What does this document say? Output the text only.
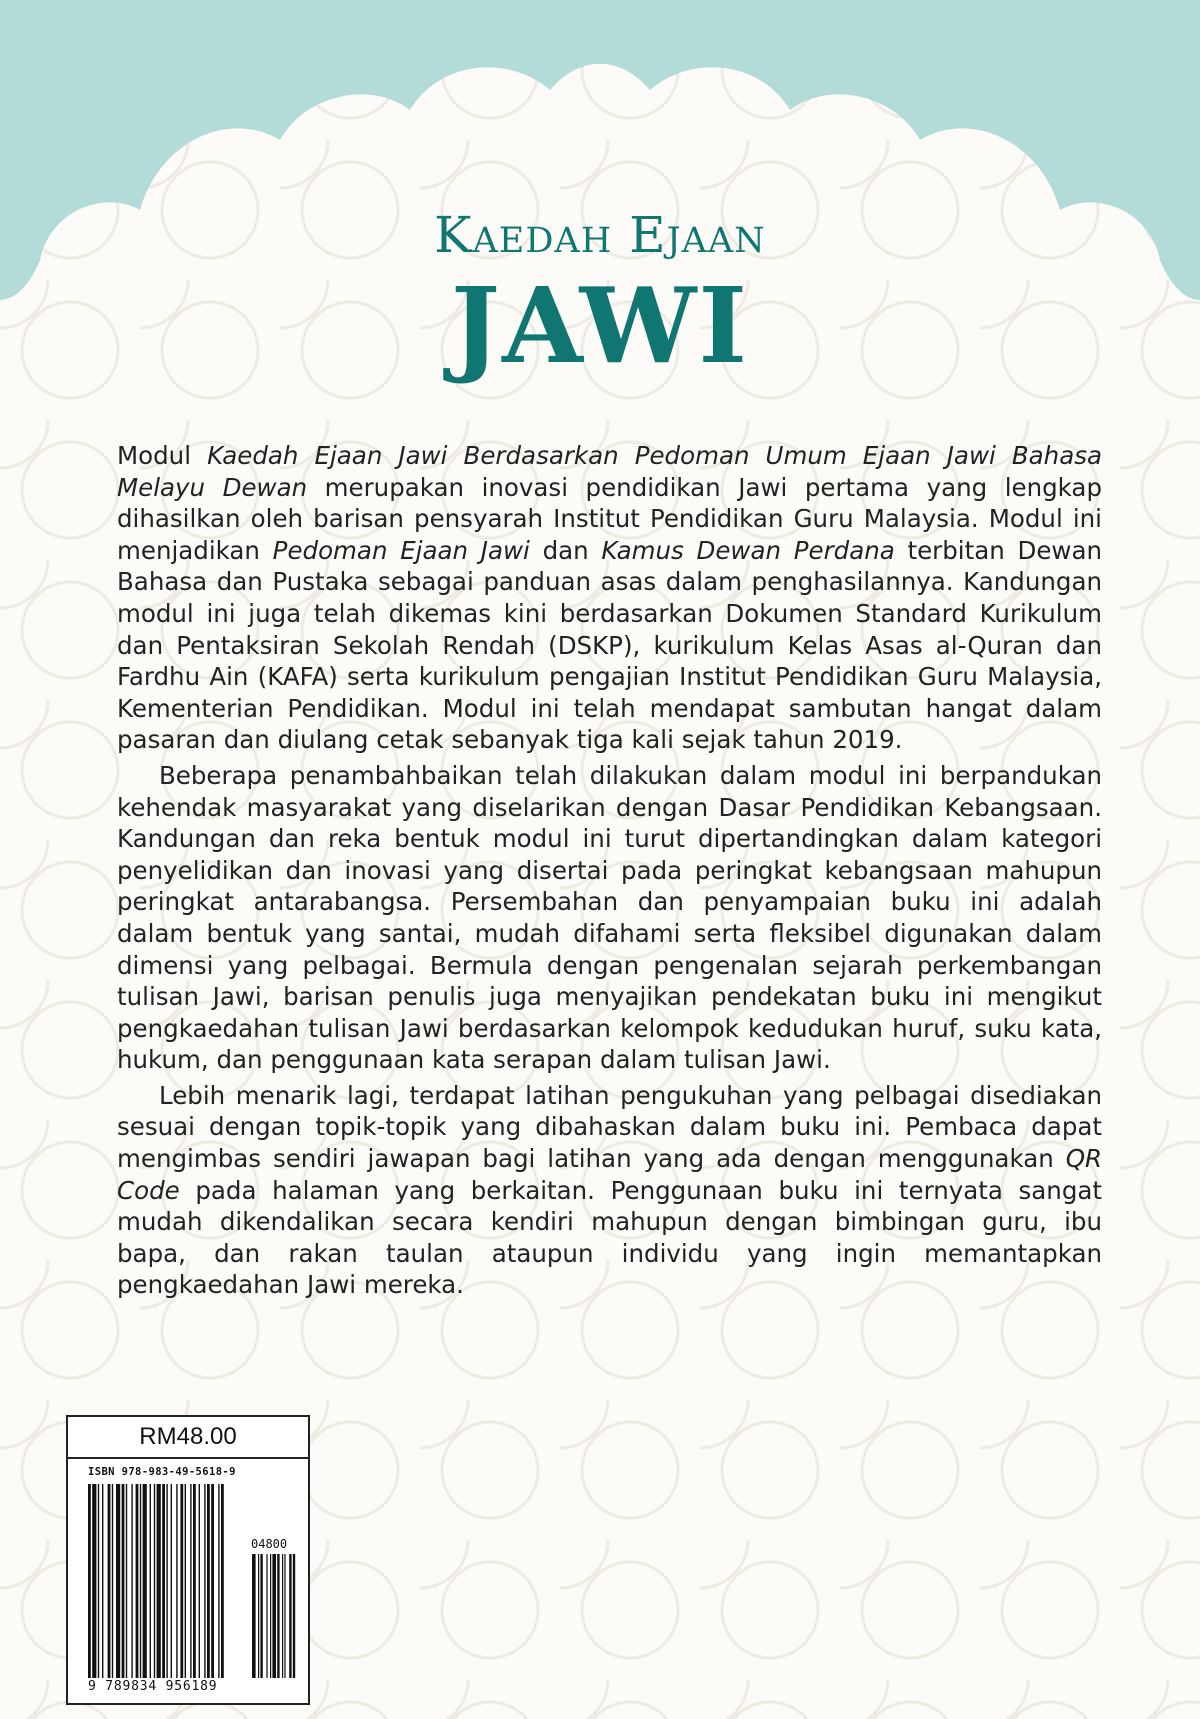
Kaedah Ejaan
JAWI

Modul Kaedah Ejaan Jawi Berdasarkan Pedoman Umum Ejaan Jawi Bahasa Melayu Dewan merupakan inovasi pendidikan Jawi pertama yang lengkap dihasilkan oleh barisan pensyarah Institut Pendidikan Guru Malaysia. Modul ini menjadikan Pedoman Ejaan Jawi dan Kamus Dewan Perdana terbitan Dewan Bahasa dan Pustaka sebagai panduan asas dalam penghasilannya. Kandungan modul ini juga telah dikemas kini berdasarkan Dokumen Standard Kurikulum dan Pentaksiran Sekolah Rendah (DSKP), kurikulum Kelas Asas al-Quran dan Fardhu Ain (KAFA) serta kurikulum pengajian Institut Pendidikan Guru Malaysia, Kementerian Pendidikan. Modul ini telah mendapat sambutan hangat dalam pasaran dan diulang cetak sebanyak tiga kali sejak tahun 2019.

Beberapa penambahbaikan telah dilakukan dalam modul ini berpandukan kehendak masyarakat yang diselarikan dengan Dasar Pendidikan Kebangsaan. Kandungan dan reka bentuk modul ini turut dipertandingkan dalam kategori penyelidikan dan inovasi yang disertai pada peringkat kebangsaan mahupun peringkat antarabangsa. Persembahan dan penyampaian buku ini adalah dalam bentuk yang santai, mudah difahami serta fleksibel digunakan dalam dimensi yang pelbagai. Bermula dengan pengenalan sejarah perkembangan tulisan Jawi, barisan penulis juga menyajikan pendekatan buku ini mengikut pengkaedahan tulisan Jawi berdasarkan kelompok kedudukan huruf, suku kata, hukum, dan penggunaan kata serapan dalam tulisan Jawi.

Lebih menarik lagi, terdapat latihan pengukuhan yang pelbagai disediakan sesuai dengan topik-topik yang dibahaskan dalam buku ini. Pembaca dapat mengimbas sendiri jawapan bagi latihan yang ada dengan menggunakan QR Code pada halaman yang berkaitan. Penggunaan buku ini ternyata sangat mudah dikendalikan secara kendiri mahupun dengan bimbingan guru, ibu bapa, dan rakan taulan ataupun individu yang ingin memantapkan pengkaedahan Jawi mereka.

RM48.00
ISBN 978-983-49-5618-9
04800
9 789834 956189
